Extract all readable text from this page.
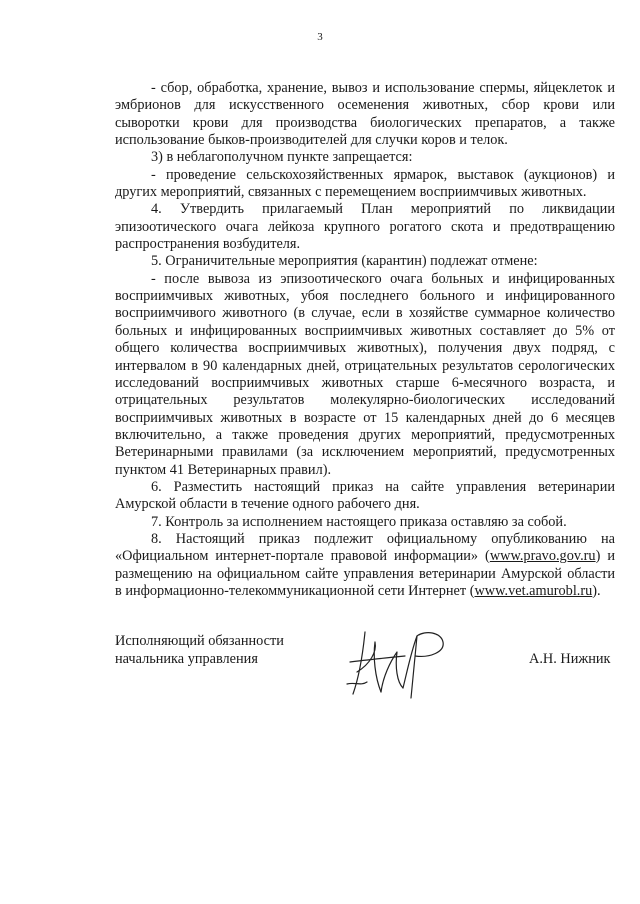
3
- сбор, обработка, хранение, вывоз и использование спермы, яйцеклеток и
эмбрионов для искусственного осеменения животных, сбор крови или
сыворотки крови для производства биологических препаратов, а также
использование быков-производителей для случки коров и телок.
3) в неблагополучном пункте запрещается:
- проведение сельскохозяйственных ярмарок, выставок (аукционов) и
других мероприятий, связанных с перемещением восприимчивых животных.
4. Утвердить прилагаемый План мероприятий по ликвидации
эпизоотического очага лейкоза крупного рогатого скота и предотвращению
распространения возбудителя.
5. Ограничительные мероприятия (карантин) подлежат отмене:
- после вывоза из эпизоотического очага больных и инфицированных
восприимчивых животных, убоя последнего больного и инфицированного
восприимчивого животного (в случае, если в хозяйстве суммарное количество
больных и инфицированных восприимчивых животных составляет до 5% от
общего количества восприимчивых животных), получения двух подряд, с
интервалом в 90 календарных дней, отрицательных результатов серологических
исследований восприимчивых животных старше 6-месячного возраста, и
отрицательных результатов молекулярно-биологических исследований
восприимчивых животных в возрасте от 15 календарных дней до 6 месяцев
включительно, а также проведения других мероприятий, предусмотренных
Ветеринарными правилами (за исключением мероприятий, предусмотренных
пунктом 41 Ветеринарных правил).
6. Разместить настоящий приказ на сайте управления ветеринарии
Амурской области в течение одного рабочего дня.
7. Контроль за исполнением настоящего приказа оставляю за собой.
8. Настоящий приказ подлежит официальному опубликованию на
«Официальном интернет-портале правовой информации» (www.pravo.gov.ru) и
размещению на официальном сайте управления ветеринарии Амурской области
в информационно-телекоммуникационной сети Интернет (www.vet.amurobl.ru).
Исполняющий обязанности
начальника управления	А.Н. Нижник
